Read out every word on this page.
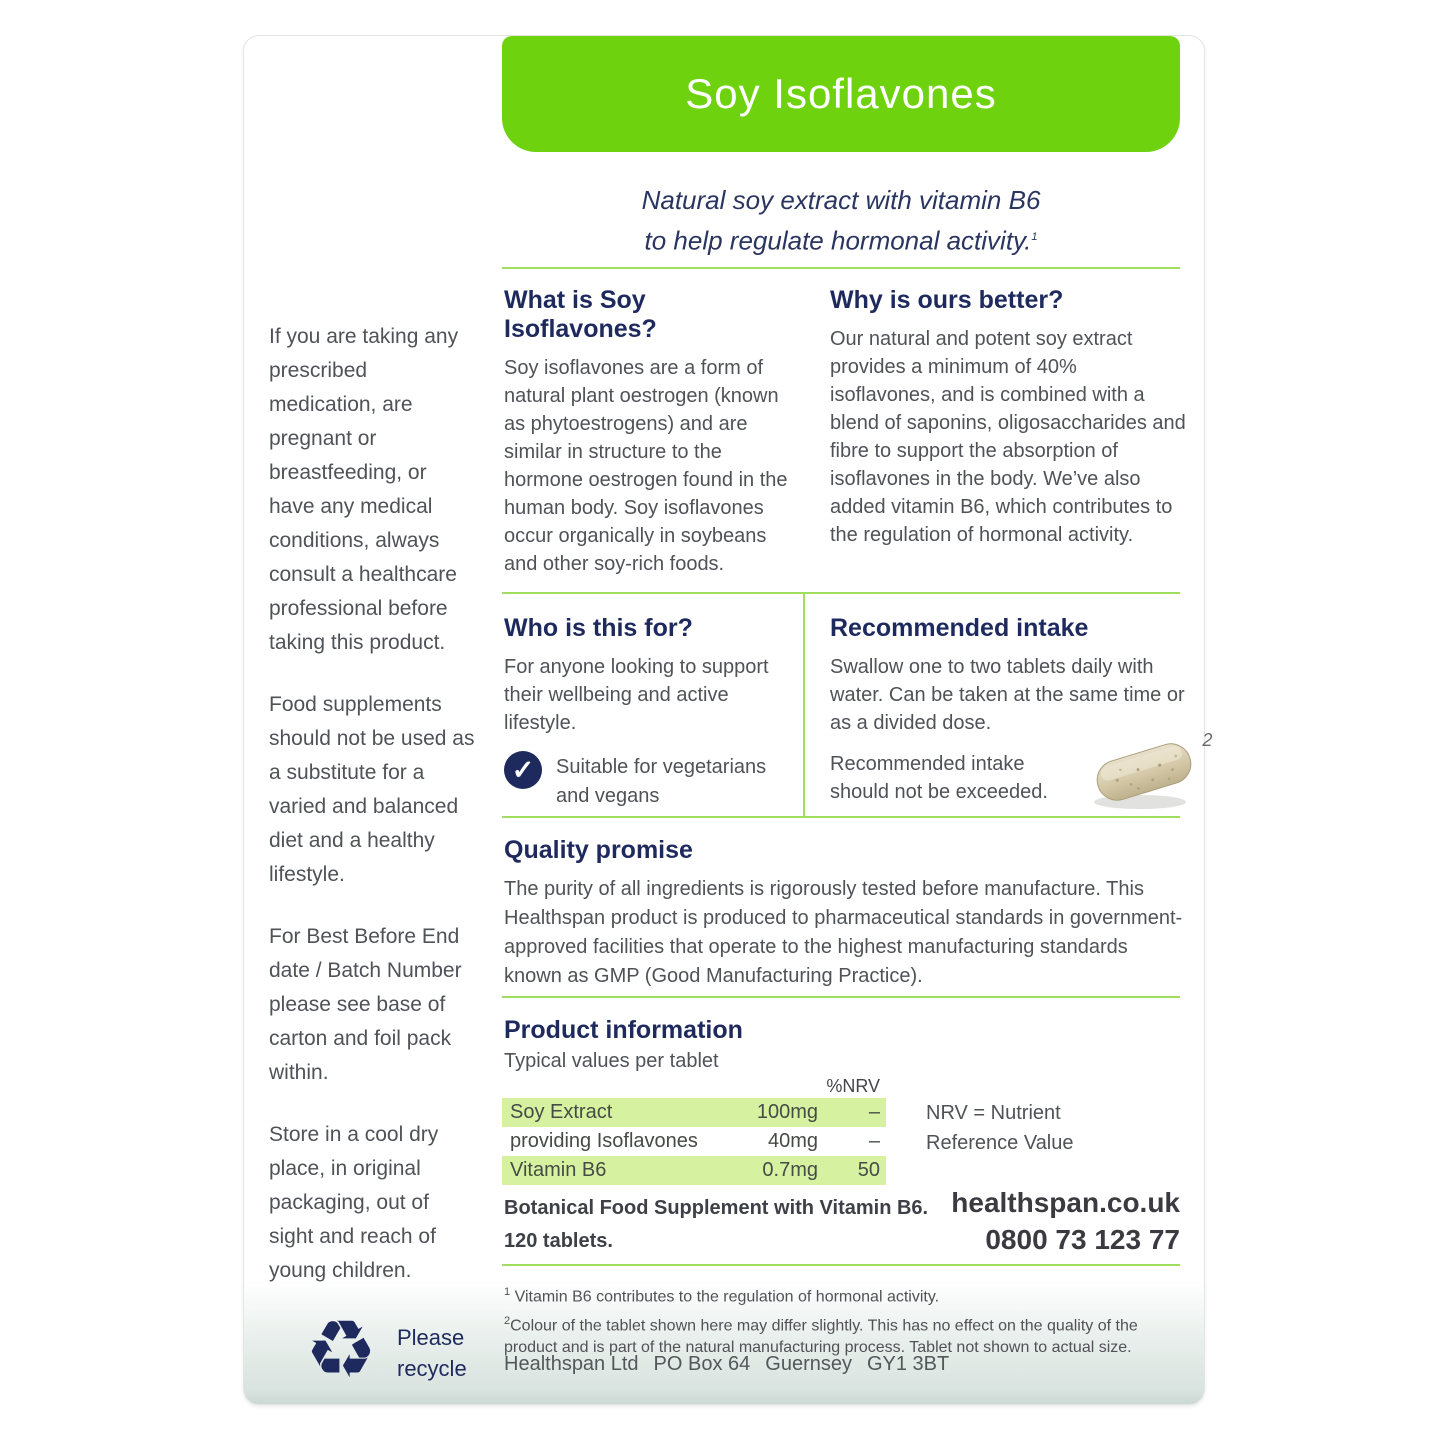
If you are taking any prescribed medication, are pregnant or breastfeeding, or have any medical conditions, always consult a healthcare professional before taking this product.

Food supplements should not be used as a substitute for a varied and balanced diet and a healthy lifestyle.

For Best Before End date / Batch Number please see base of carton and foil pack within.

Store in a cool dry place, in original packaging, out of sight and reach of young children.

Soy Isoflavones
Natural soy extract with vitamin B6
to help regulate hormonal activity.$^1$
What is Soy Isoflavones?

Soy isoflavones are a form of natural plant oestrogen (known as phytoestrogens) and are similar in structure to the hormone oestrogen found in the human body. Soy isoflavones occur organically in soybeans and other soy-rich foods.

Why is ours better?

Our natural and potent soy extract provides a minimum of 40% isoflavones, and is combined with a blend of saponins, oligosaccharides and fibre to support the absorption of isoflavones in the body. We’ve also added vitamin B6, which contributes to the regulation of hormonal activity.

Who is this for?

For anyone looking to support their wellbeing and active lifestyle.

✓	Suitable for vegetarians and vegans
Recommended intake

Swallow one to two tablets daily with water. Can be taken at the same time or as a divided dose.

Recommended intake should not be exceeded.

2
Quality promise

The purity of all ingredients is rigorously tested before manufacture. This Healthspan product is produced to pharmaceutical standards in government-approved facilities that operate to the highest manufacturing standards known as GMP (Good Manufacturing Practice).

Product information
Typical values per tablet
%NRV
Soy Extract	100mg	–
providing Isoflavones	40mg	–
Vitamin B6	0.7mg	50
NRV = Nutrient
Reference Value
Botanical Food Supplement with Vitamin B6.
120 tablets.
healthspan.co.uk
0800 73 123 77
$^1$ Vitamin B6 contributes to the regulation of hormonal activity.
$^2$Colour of the tablet shown here may differ slightly. This has no effect on the quality of the product and is part of the natural manufacturing process. Tablet not shown to actual size.
♻ Please
recycle Healthspan Ltd PO Box 64 Guernsey GY1 3BT
